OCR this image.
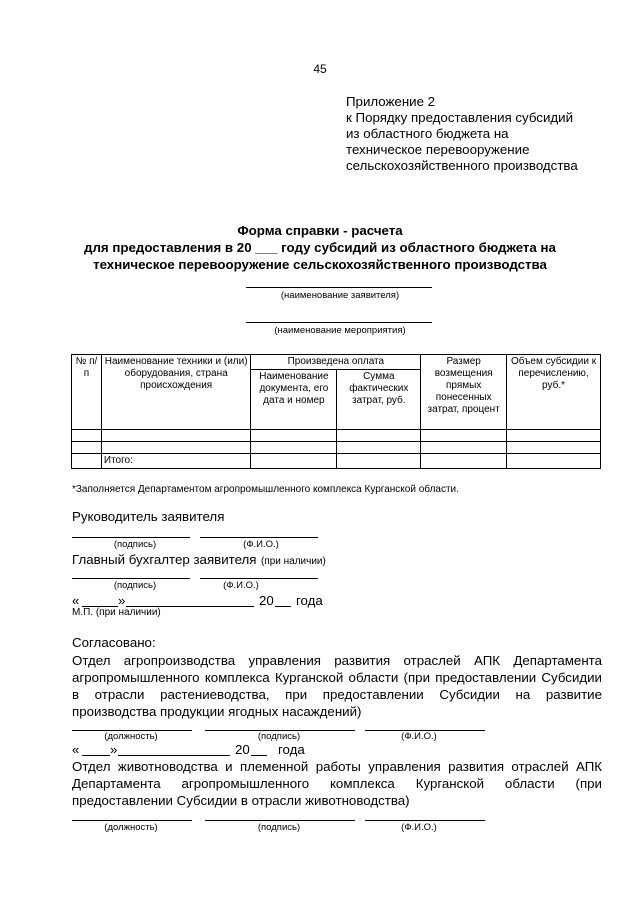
45
Приложение 2
к Порядку предоставления субсидий
из областного бюджета на
техническое перевооружение
сельскохозяйственного производства
Форма справки - расчета
для предоставления в 20 ___ году субсидий из областного бюджета на
техническое перевооружение сельскохозяйственного производства
(наименование заявителя)
(наименование мероприятия)
№ п/п	Наименование техники и (или) оборудования, страна происхождения	Произведена оплата		Размер возмещения прямых понесенных затрат, процент	Объем субсидии к перечислению, руб.*
		Наименование документа, его дата и номер	Сумма фактических затрат, руб.		

	Итого:				
*Заполняется Департаментом агропромышленного комплекса Курганской области.
Руководитель заявителя
(подпись)	(Ф.И.О.)
Главный бухгалтер заявителя (при наличии)
(подпись)	(Ф.И.О.)
«	»	20 года
М.П. (при наличии)
Согласовано:
Отдел агропроизводства управления развития отраслей АПК Департамента агропромышленного комплекса Курганской области (при предоставлении Субсидии в отрасли растениеводства, при предоставлении Субсидии на развитие производства продукции ягодных насаждений)
(должность)	(подпись)	(Ф.И.О.)
« »	20 года
Отдел животноводства и племенной работы управления развития отраслей АПК Департамента агропромышленного комплекса Курганской области (при предоставлении Субсидии в отрасли животноводства)
(должность)	(подпись)	(Ф.И.О.)
